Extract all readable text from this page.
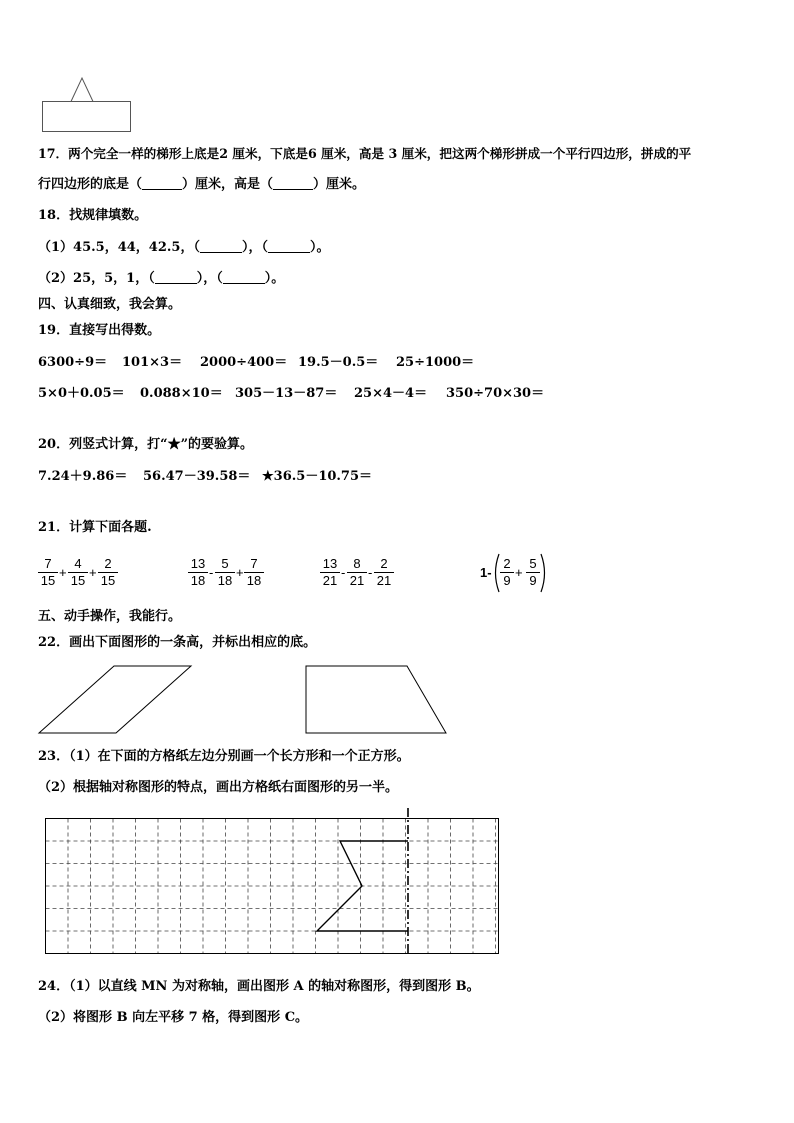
17．两个完全一样的梯形上底是2 厘米，下底是6 厘米，高是 3 厘米，把这两个梯形拼成一个平行四边形，拼成的平
行四边形的底是（	）厘米，高是（	）厘米。
18．找规律填数。
（1）45.5，44，42.5，（	），（	）。
（2）25，5，1，（	），（	）。
四、认真细致，我会算。
19．直接写出得数。
6300÷9＝ 101×3＝ 2000÷400＝ 19.5－0.5＝ 25÷1000＝
5×0＋0.05＝ 0.088×10＝ 305－13－87＝ 25×4－4＝ 350÷70×30＝
20．列竖式计算，打“★”的要验算。
7.24＋9.86＝ 56.47－39.58＝ ★36.5－10.75＝
21．计算下面各题.
$\frac{7}{15} + \frac{4}{15} + \frac{2}{15}$	$\frac{13}{18} - \frac{5}{18} + \frac{7}{18}$	$\frac{13}{21} - \frac{8}{21} - \frac{2}{21}$	$1- \frac{2}{9} + \frac{5}{9}$
五、动手操作，我能行。
22．画出下面图形的一条高，并标出相应的底。
23．（1）在下面的方格纸左边分别画一个长方形和一个正方形。
（2）根据轴对称图形的特点，画出方格纸右面图形的另一半。
24．（1）以直线 MN 为对称轴，画出图形 A 的轴对称图形，得到图形 B。
（2）将图形 B 向左平移 7 格，得到图形 C。
